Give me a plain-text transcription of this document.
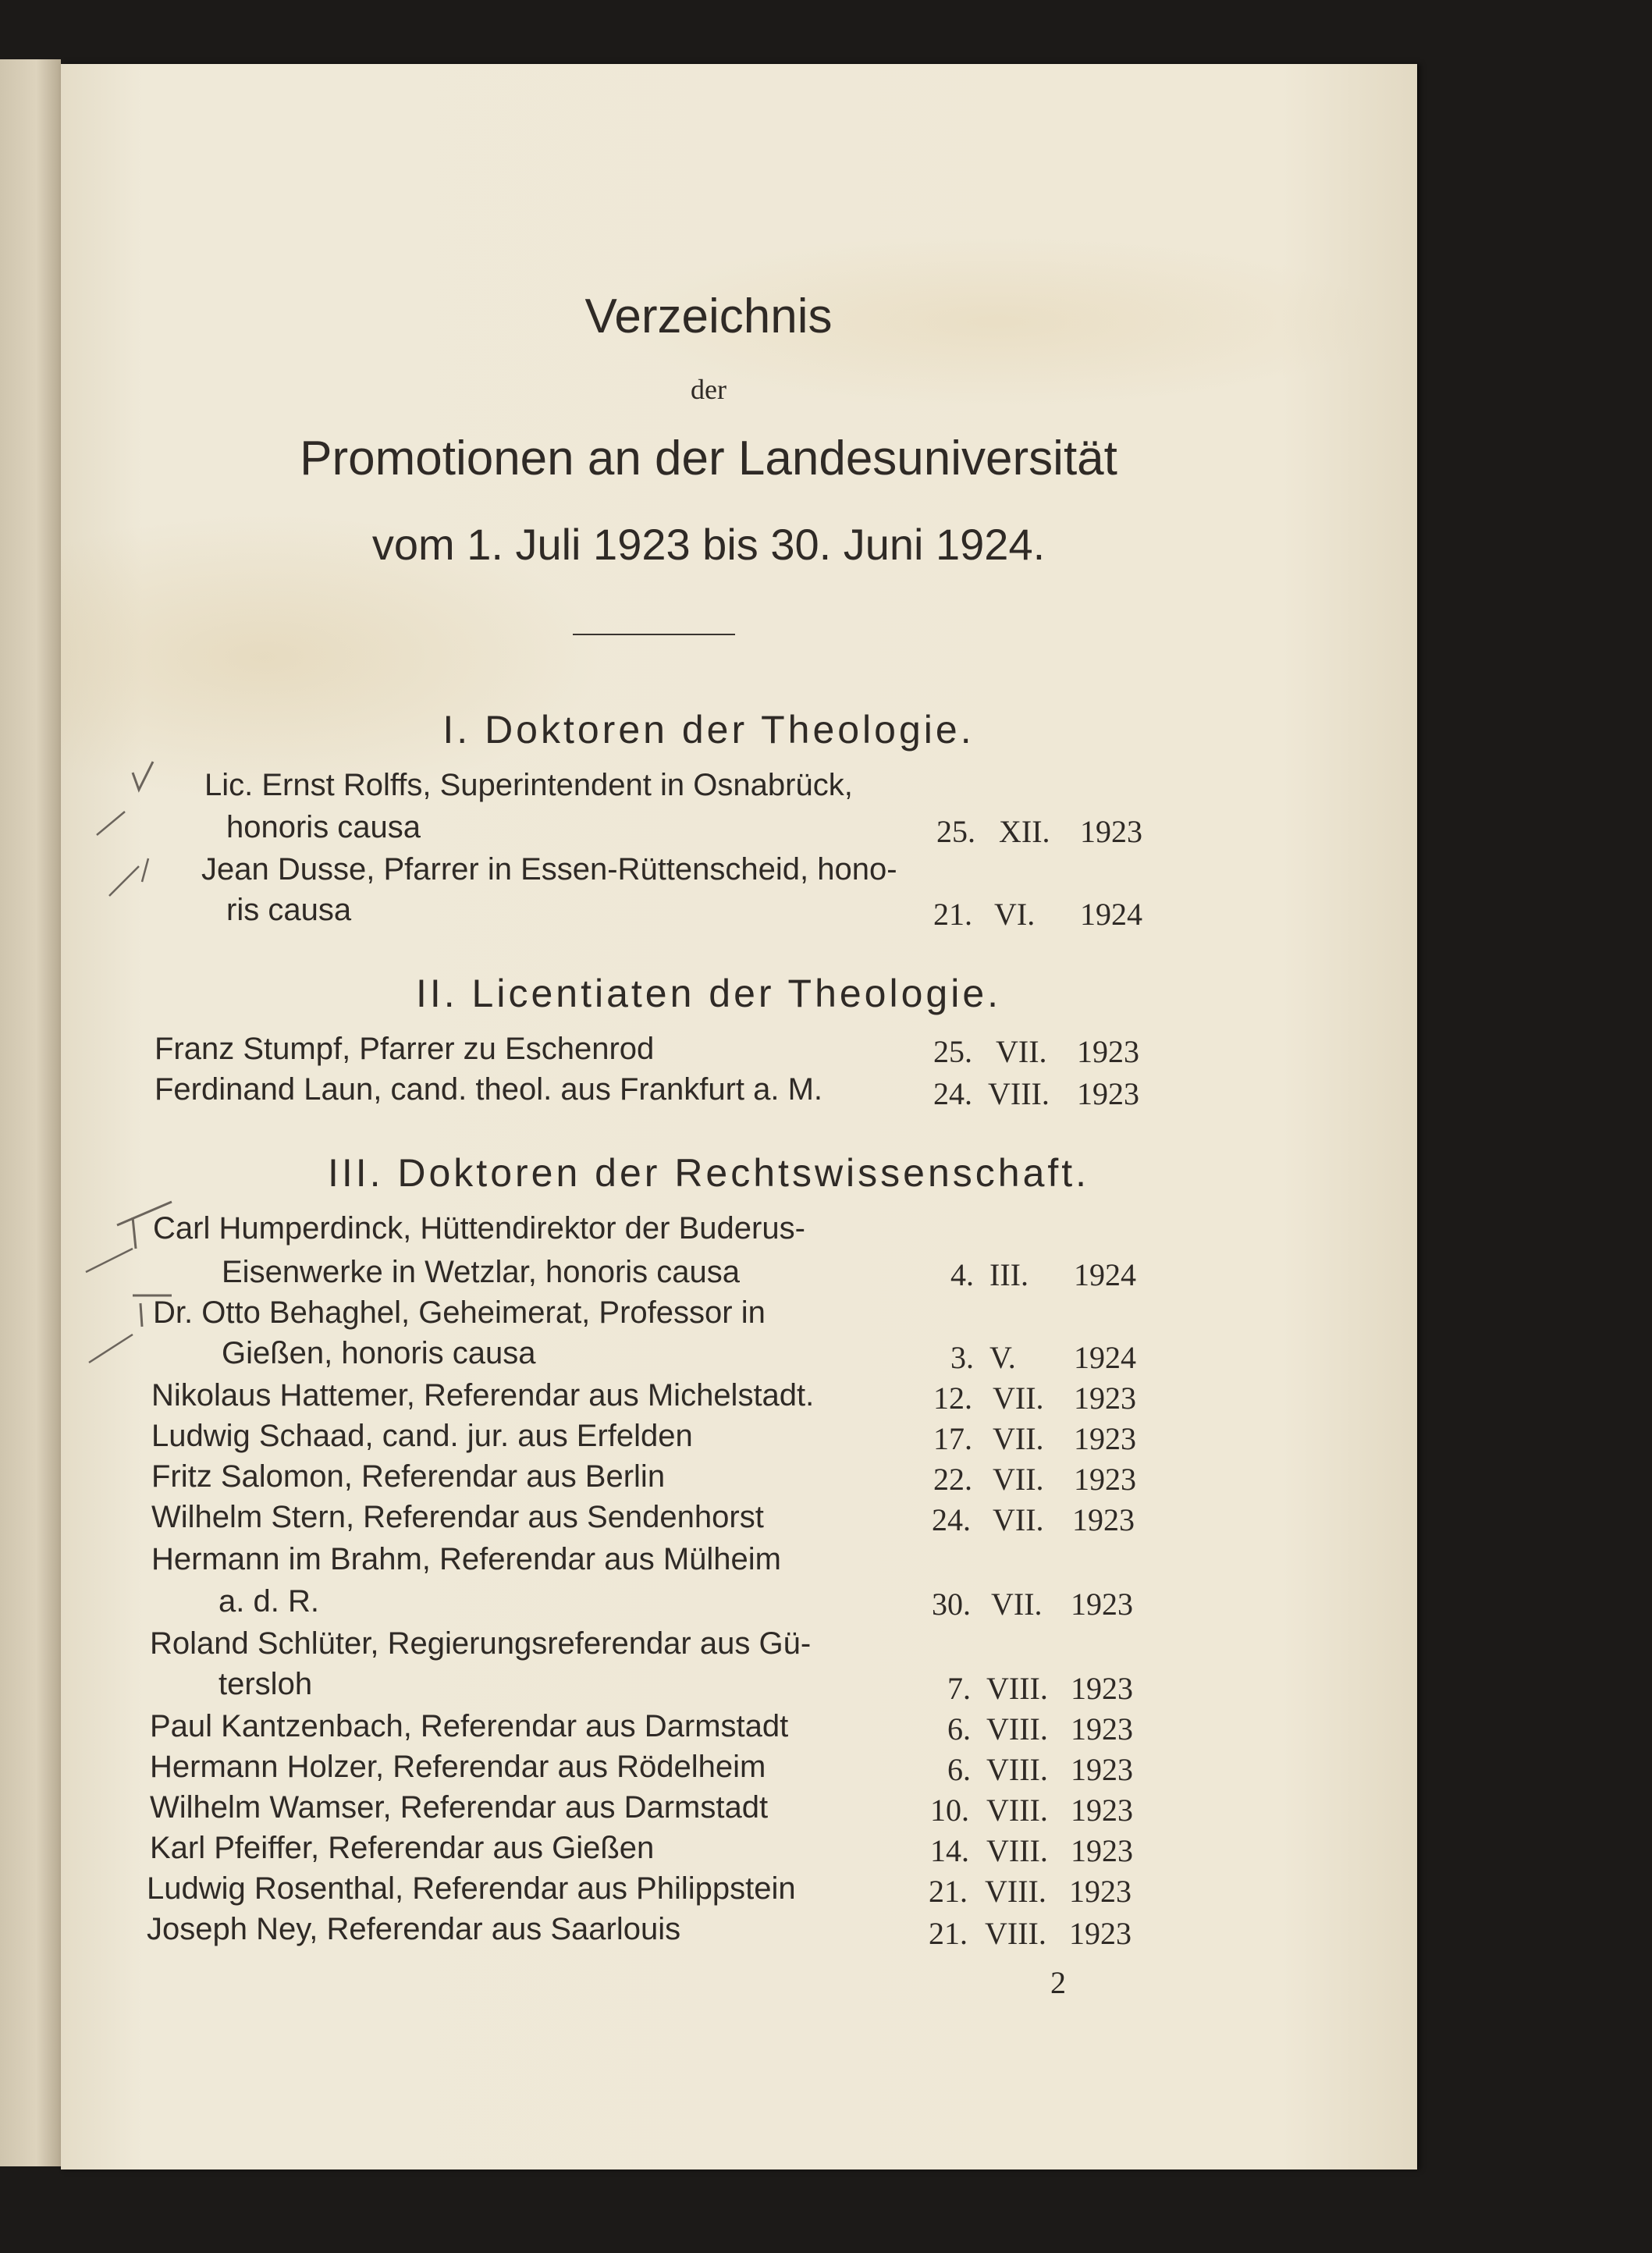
Verzeichnis
der
Promotionen an der Landesuniversität
vom 1. Juli 1923 bis 30. Juni 1924.
I. Doktoren der Theologie.
Lic. Ernst Rolffs, Superintendent in Osnabrück,
honoris causa	25. XII. 1923
Jean Dusse, Pfarrer in Essen-Rüttenscheid, hono-
ris causa	21. VI. 1924
II. Licentiaten der Theologie.
Franz Stumpf, Pfarrer zu Eschenrod	25. VII. 1923
Ferdinand Laun, cand. theol. aus Frankfurt a. M.	24. VIII. 1923
III. Doktoren der Rechtswissenschaft.
Carl Humperdinck, Hüttendirektor der Buderus-
Eisenwerke in Wetzlar, honoris causa	4. III. 1924
Dr. Otto Behaghel, Geheimerat, Professor in
Gießen, honoris causa	3. V. 1924
Nikolaus Hattemer, Referendar aus Michelstadt.	12. VII. 1923
Ludwig Schaad, cand. jur. aus Erfelden	17. VII. 1923
Fritz Salomon, Referendar aus Berlin	22. VII. 1923
Wilhelm Stern, Referendar aus Sendenhorst	24. VII. 1923
Hermann im Brahm, Referendar aus Mülheim
a. d. R.	30. VII. 1923
Roland Schlüter, Regierungsreferendar aus Gü-
tersloh	7. VIII. 1923
Paul Kantzenbach, Referendar aus Darmstadt	6. VIII. 1923
Hermann Holzer, Referendar aus Rödelheim	6. VIII. 1923
Wilhelm Wamser, Referendar aus Darmstadt	10. VIII. 1923
Karl Pfeiffer, Referendar aus Gießen	14. VIII. 1923
Ludwig Rosenthal, Referendar aus Philippstein	21. VIII. 1923
Joseph Ney, Referendar aus Saarlouis	21. VIII. 1923
2
